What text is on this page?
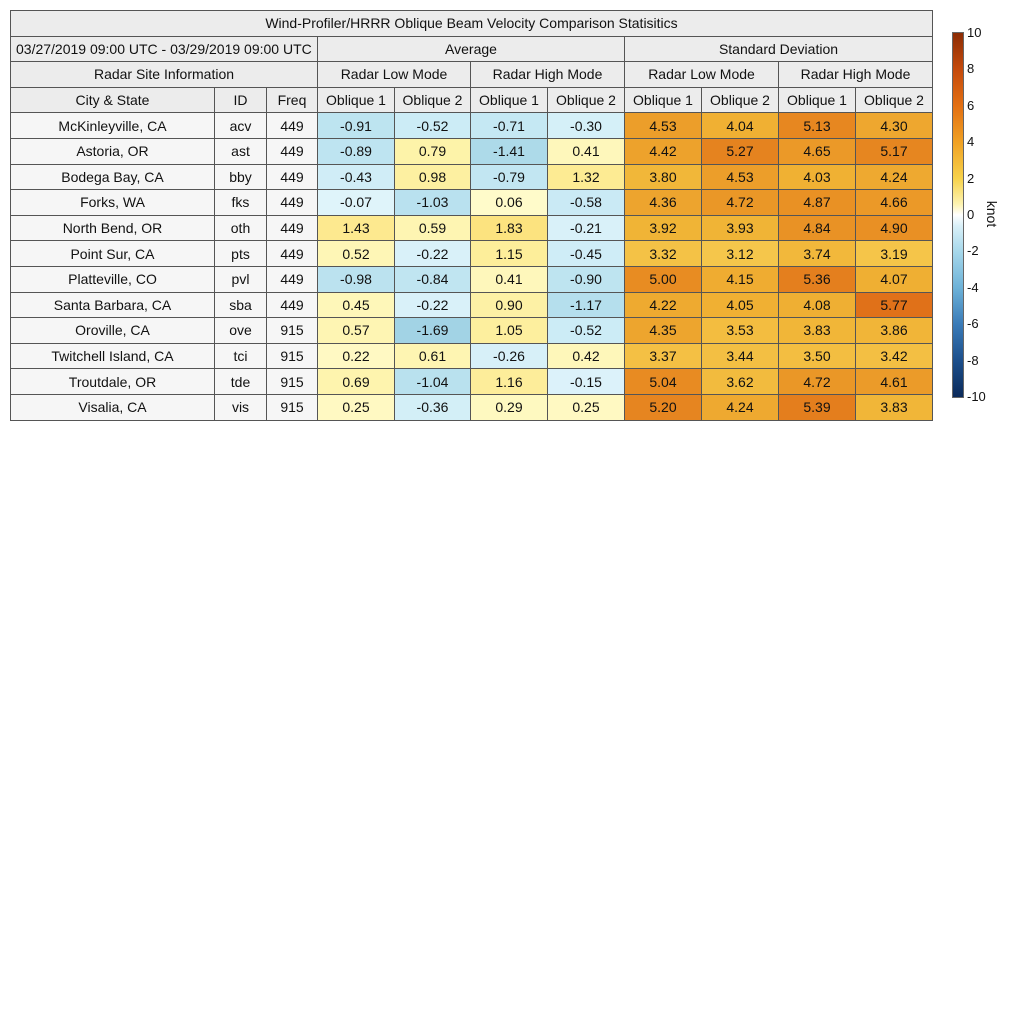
Wind-Profiler/HRRR Oblique Beam Velocity Comparison Statisitics										
03/27/2019 09:00 UTC - 03/29/2019 09:00 UTC			Average				Standard Deviation			
Radar Site Information			Radar Low Mode		Radar High Mode		Radar Low Mode		Radar High Mode	
City & State	ID	Freq	Oblique 1	Oblique 2	Oblique 1	Oblique 2	Oblique 1	Oblique 2	Oblique 1	Oblique 2
McKinleyville, CA	acv	449	-0.91	-0.52	-0.71	-0.30	4.53	4.04	5.13	4.30
Astoria, OR	ast	449	-0.89	0.79	-1.41	0.41	4.42	5.27	4.65	5.17
Bodega Bay, CA	bby	449	-0.43	0.98	-0.79	1.32	3.80	4.53	4.03	4.24
Forks, WA	fks	449	-0.07	-1.03	0.06	-0.58	4.36	4.72	4.87	4.66
North Bend, OR	oth	449	1.43	0.59	1.83	-0.21	3.92	3.93	4.84	4.90
Point Sur, CA	pts	449	0.52	-0.22	1.15	-0.45	3.32	3.12	3.74	3.19
Platteville, CO	pvl	449	-0.98	-0.84	0.41	-0.90	5.00	4.15	5.36	4.07
Santa Barbara, CA	sba	449	0.45	-0.22	0.90	-1.17	4.22	4.05	4.08	5.77
Oroville, CA	ove	915	0.57	-1.69	1.05	-0.52	4.35	3.53	3.83	3.86
Twitchell Island, CA	tci	915	0.22	0.61	-0.26	0.42	3.37	3.44	3.50	3.42
Troutdale, OR	tde	915	0.69	-1.04	1.16	-0.15	5.04	3.62	4.72	4.61
Visalia, CA	vis	915	0.25	-0.36	0.29	0.25	5.20	4.24	5.39	3.83
10
8
6
4
2
0
-2
-4
-6
-8
-10
knot
